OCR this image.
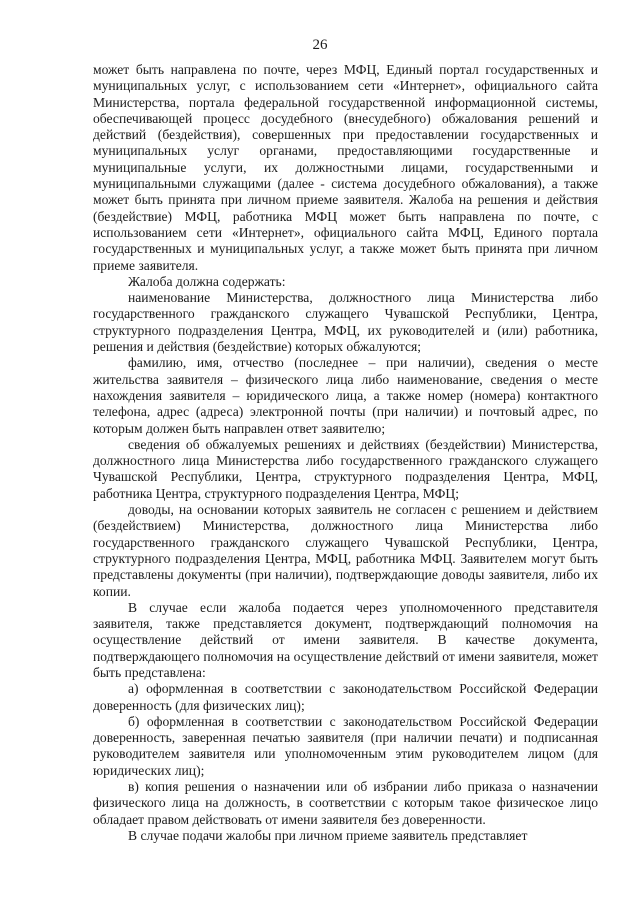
26

может быть направлена по почте, через МФЦ, Единый портал государственных и муниципальных услуг, с использованием сети «Интернет», официального сайта Министерства, портала федеральной государственной информационной системы, обеспечивающей процесс досудебного (внесудебного) обжалования решений и действий (бездействия), совершенных при предоставлении государственных и муниципальных услуг органами, предоставляющими государственные и муниципальные услуги, их должностными лицами, государственными и муниципальными служащими (далее - система досудебного обжалования), а также может быть принята при личном приеме заявителя. Жалоба на решения и действия (бездействие) МФЦ, работника МФЦ может быть направлена по почте, с использованием сети «Интернет», официального сайта МФЦ, Единого портала государственных и муниципальных услуг, а также может быть принята при личном приеме заявителя.

Жалоба должна содержать:

наименование Министерства, должностного лица Министерства либо государственного гражданского служащего Чувашской Республики, Центра, структурного подразделения Центра, МФЦ, их руководителей и (или) работника, решения и действия (бездействие) которых обжалуются;

фамилию, имя, отчество (последнее – при наличии), сведения о месте жительства заявителя – физического лица либо наименование, сведения о месте нахождения заявителя – юридического лица, а также номер (номера) контактного телефона, адрес (адреса) электронной почты (при наличии) и почтовый адрес, по которым должен быть направлен ответ заявителю;

сведения об обжалуемых решениях и действиях (бездействии) Министерства, должностного лица Министерства либо государственного гражданского служащего Чувашской Республики, Центра, структурного подразделения Центра, МФЦ, работника Центра, структурного подразделения Центра, МФЦ;

доводы, на основании которых заявитель не согласен с решением и действием (бездействием) Министерства, должностного лица Министерства либо государственного гражданского служащего Чувашской Республики, Центра, структурного подразделения Центра, МФЦ, работника МФЦ. Заявителем могут быть представлены документы (при наличии), подтверждающие доводы заявителя, либо их копии.

В случае если жалоба подается через уполномоченного представителя заявителя, также представляется документ, подтверждающий полномочия на осуществление действий от имени заявителя. В качестве документа, подтверждающего полномочия на осуществление действий от имени заявителя, может быть представлена:

а) оформленная в соответствии с законодательством Российской Федерации доверенность (для физических лиц);

б) оформленная в соответствии с законодательством Российской Федерации доверенность, заверенная печатью заявителя (при наличии печати) и подписанная руководителем заявителя или уполномоченным этим руководителем лицом (для юридических лиц);

в) копия решения о назначении или об избрании либо приказа о назначении физического лица на должность, в соответствии с которым такое физическое лицо обладает правом действовать от имени заявителя без доверенности.

В случае подачи жалобы при личном приеме заявитель представляет
